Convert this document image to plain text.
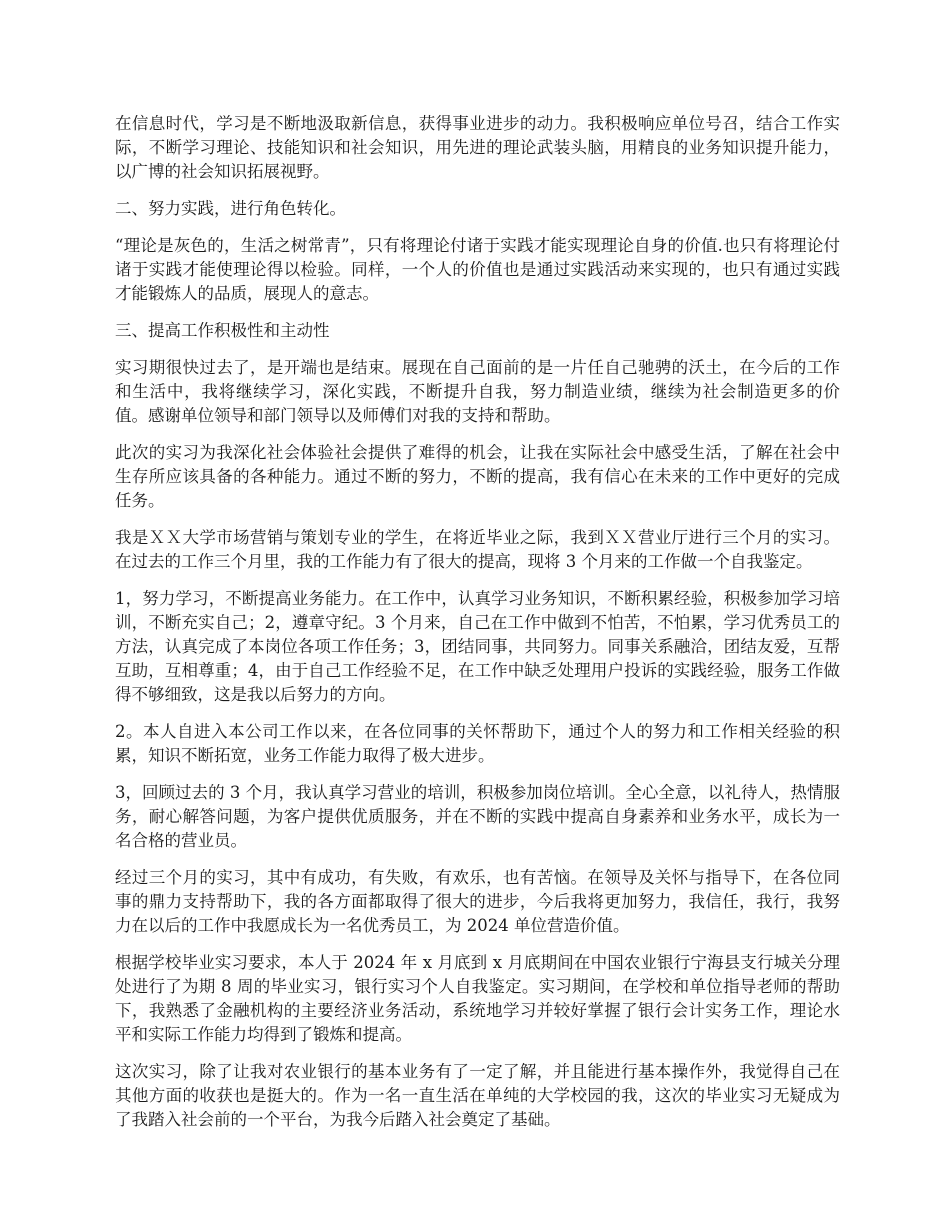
在信息时代，学习是不断地汲取新信息，获得事业进步的动力。我积极响应单位号召，结合工作实际，不断学习理论、技能知识和社会知识，用先进的理论武装头脑，用精良的业务知识提升能力，以广博的社会知识拓展视野。

二、努力实践，进行角色转化。

“理论是灰色的，生活之树常青”，只有将理论付诸于实践才能实现理论自身的价值.也只有将理论付诸于实践才能使理论得以检验。同样，一个人的价值也是通过实践活动来实现的，也只有通过实践才能锻炼人的品质，展现人的意志。

三、提高工作积极性和主动性

实习期很快过去了，是开端也是结束。展现在自己面前的是一片任自己驰骋的沃土，在今后的工作和生活中，我将继续学习，深化实践，不断提升自我，努力制造业绩，继续为社会制造更多的价值。感谢单位领导和部门领导以及师傅们对我的支持和帮助。

此次的实习为我深化社会体验社会提供了难得的机会，让我在实际社会中感受生活，了解在社会中生存所应该具备的各种能力。通过不断的努力，不断的提高，我有信心在未来的工作中更好的完成任务。

我是ＸＸ大学市场营销与策划专业的学生，在将近毕业之际，我到ＸＸ营业厅进行三个月的实习。在过去的工作三个月里，我的工作能力有了很大的提高，现将 3 个月来的工作做一个自我鉴定。

1，努力学习，不断提高业务能力。在工作中，认真学习业务知识，不断积累经验，积极参加学习培训，不断充实自己；2，遵章守纪。3 个月来，自己在工作中做到不怕苦，不怕累，学习优秀员工的方法，认真完成了本岗位各项工作任务；3，团结同事，共同努力。同事关系融洽，团结友爱，互帮互助，互相尊重；4，由于自己工作经验不足，在工作中缺乏处理用户投诉的实践经验，服务工作做得不够细致，这是我以后努力的方向。

2。本人自进入本公司工作以来，在各位同事的关怀帮助下，通过个人的努力和工作相关经验的积累，知识不断拓宽，业务工作能力取得了极大进步。

3，回顾过去的 3 个月，我认真学习营业的培训，积极参加岗位培训。全心全意，以礼待人，热情服务，耐心解答问题，为客户提供优质服务，并在不断的实践中提高自身素养和业务水平，成长为一名合格的营业员。

经过三个月的实习，其中有成功，有失败，有欢乐，也有苦恼。在领导及关怀与指导下，在各位同事的鼎力支持帮助下，我的各方面都取得了很大的进步，今后我将更加努力，我信任，我行，我努力在以后的工作中我愿成长为一名优秀员工，为 2024 单位营造价值。

根据学校毕业实习要求，本人于 2024 年 x 月底到 x 月底期间在中国农业银行宁海县支行城关分理处进行了为期 8 周的毕业实习，银行实习个人自我鉴定。实习期间，在学校和单位指导老师的帮助下，我熟悉了金融机构的主要经济业务活动，系统地学习并较好掌握了银行会计实务工作，理论水平和实际工作能力均得到了锻炼和提高。

这次实习，除了让我对农业银行的基本业务有了一定了解，并且能进行基本操作外，我觉得自己在其他方面的收获也是挺大的。作为一名一直生活在单纯的大学校园的我，这次的毕业实习无疑成为了我踏入社会前的一个平台，为我今后踏入社会奠定了基础。
